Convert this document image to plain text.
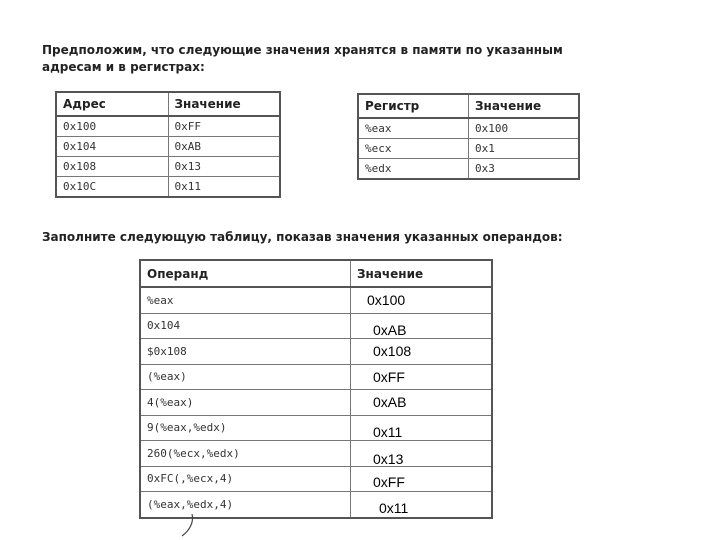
Предположим, что следующие значения хранятся в памяти по указанным адресам и в регистрах:
Адрес	Значение
0x100	0xFF
0x104	0xAB
0x108	0x13
0x10C	0x11
Регистр	Значение
%eax	0x100
%ecx	0x1
%edx	0x3
Заполните следующую таблицу, показав значения указанных операндов:
Операнд	Значение
%eax	0x100
0x104	0xAB
$0x108	0x108
(%eax)	0xFF
4(%eax)	0xAB
9(%eax,%edx)	0x11
260(%ecx,%edx)	0x13
0xFC(,%ecx,4)	0xFF
(%eax,%edx,4)	0x11
